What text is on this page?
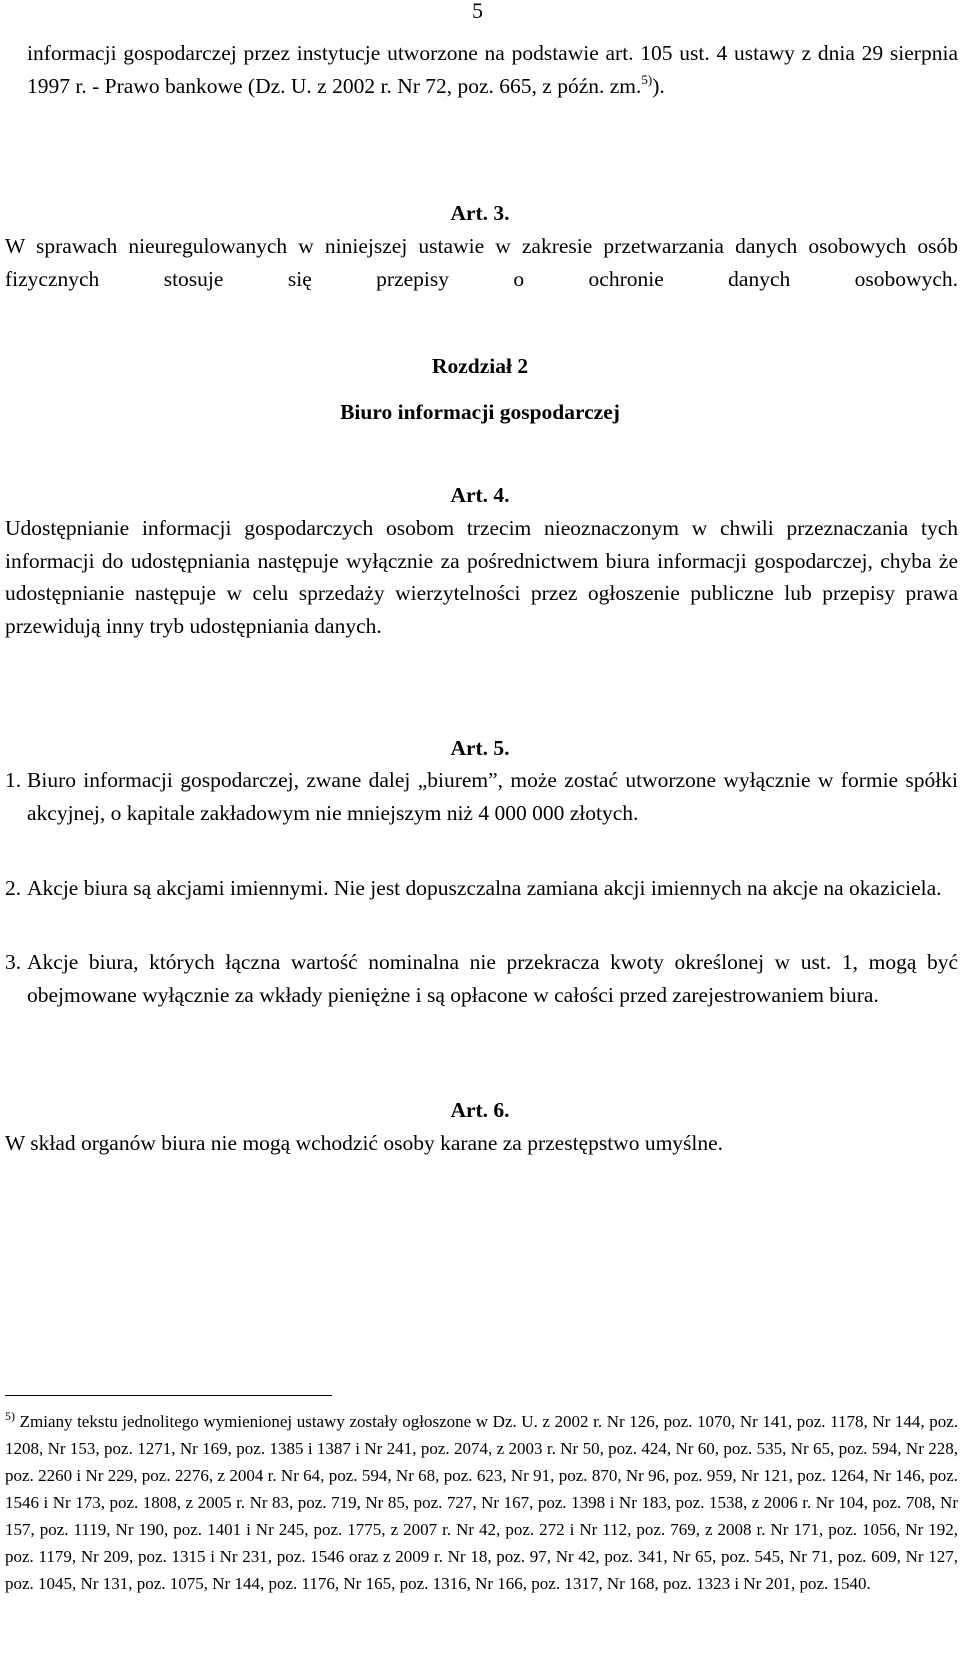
5
informacji gospodarczej przez instytucje utworzone na podstawie art. 105 ust. 4 ustawy z dnia 29 sierpnia 1997 r. - Prawo bankowe (Dz. U. z 2002 r. Nr 72, poz. 665, z późn. zm.$^{5)}$).
Art. 3.
W sprawach nieuregulowanych w niniejszej ustawie w zakresie przetwarzania danych osobowych osób fizycznych stosuje się przepisy o ochronie danych osobowych.
Rozdział 2
Biuro informacji gospodarczej
Art. 4.
Udostępnianie informacji gospodarczych osobom trzecim nieoznaczonym w chwili przeznaczania tych informacji do udostępniania następuje wyłącznie za pośrednictwem biura informacji gospodarczej, chyba że udostępnianie następuje w celu sprzedaży wierzytelności przez ogłoszenie publiczne lub przepisy prawa przewidują inny tryb udostępniania danych.
Art. 5.
1. Biuro informacji gospodarczej, zwane dalej „biurem”, może zostać utworzone wyłącznie w formie spółki akcyjnej, o kapitale zakładowym nie mniejszym niż 4 000 000 złotych.
2. Akcje biura są akcjami imiennymi. Nie jest dopuszczalna zamiana akcji imiennych na akcje na okaziciela.
3. Akcje biura, których łączna wartość nominalna nie przekracza kwoty określonej w ust. 1, mogą być obejmowane wyłącznie za wkłady pieniężne i są opłacone w całości przed zarejestrowaniem biura.
Art. 6.
W skład organów biura nie mogą wchodzić osoby karane za przestępstwo umyślne.
$^{5)}$ Zmiany tekstu jednolitego wymienionej ustawy zostały ogłoszone w Dz. U. z 2002 r. Nr 126, poz. 1070, Nr 141, poz. 1178, Nr 144, poz. 1208, Nr 153, poz. 1271, Nr 169, poz. 1385 i 1387 i Nr 241, poz. 2074, z 2003 r. Nr 50, poz. 424, Nr 60, poz. 535, Nr 65, poz. 594, Nr 228, poz. 2260 i Nr 229, poz. 2276, z 2004 r. Nr 64, poz. 594, Nr 68, poz. 623, Nr 91, poz. 870, Nr 96, poz. 959, Nr 121, poz. 1264, Nr 146, poz. 1546 i Nr 173, poz. 1808, z 2005 r. Nr 83, poz. 719, Nr 85, poz. 727, Nr 167, poz. 1398 i Nr 183, poz. 1538, z 2006 r. Nr 104, poz. 708, Nr 157, poz. 1119, Nr 190, poz. 1401 i Nr 245, poz. 1775, z 2007 r. Nr 42, poz. 272 i Nr 112, poz. 769, z 2008 r. Nr 171, poz. 1056, Nr 192, poz. 1179, Nr 209, poz. 1315 i Nr 231, poz. 1546 oraz z 2009 r. Nr 18, poz. 97, Nr 42, poz. 341, Nr 65, poz. 545, Nr 71, poz. 609, Nr 127, poz. 1045, Nr 131, poz. 1075, Nr 144, poz. 1176, Nr 165, poz. 1316, Nr 166, poz. 1317, Nr 168, poz. 1323 i Nr 201, poz. 1540.
